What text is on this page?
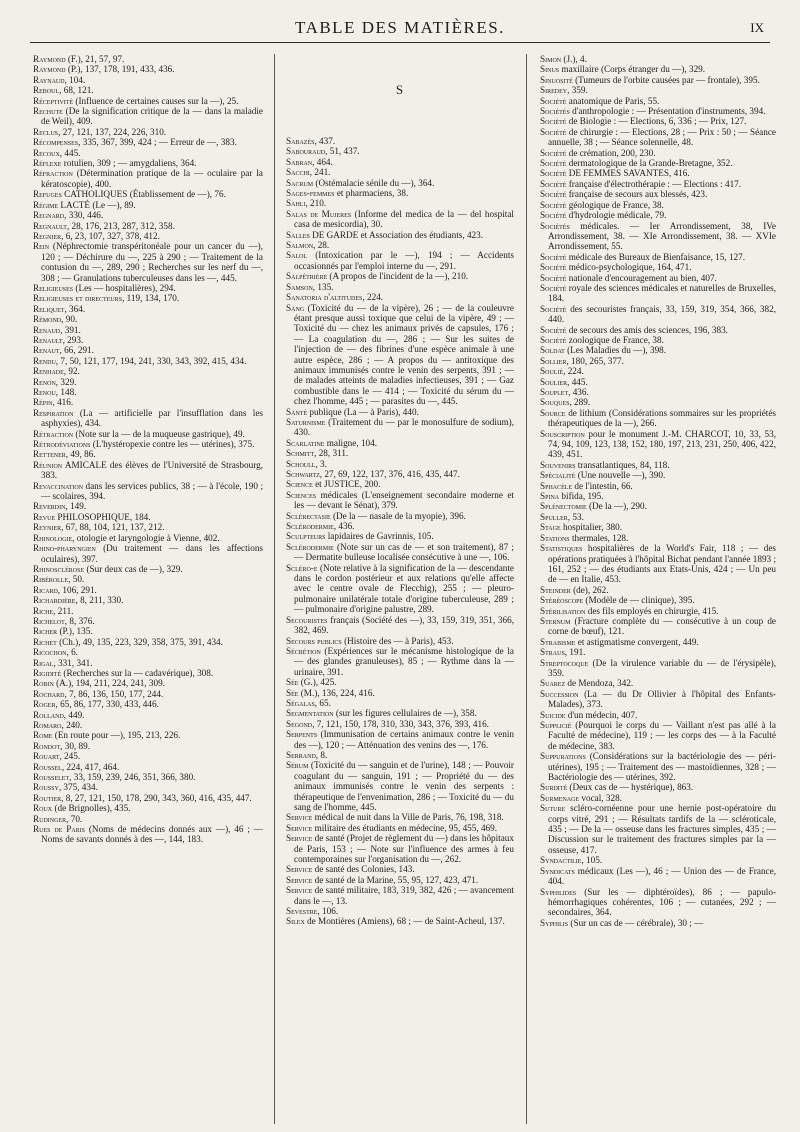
TABLE DES MATIÈRES.	IX

Raymond (F.), 21, 57, 97.

Raymond (P.), 137, 178, 191, 433, 436.

Raynaud, 104.

Reboul, 68, 121.

Réceptivité (Influence de certaines causes sur la —), 25.

Rechute (De la signification critique de la — dans la maladie de Weil), 409.

Reclus, 27, 121, 137, 224, 226, 310.

Récompenses, 335, 367, 399, 424 ; — Erreur de —, 383.

Recoux, 445.

Réflexe rotulien, 309 ; — amygdaliens, 364.

Réfraction (Détermination pratique de la — oculaire par la kératoscopie), 400.

Refuges CATHOLIQUES (Établissement de —), 76.

Régime LACTÉ (Le —), 89.

Regnard, 330, 446.

Regnault, 28, 176, 213, 287, 312, 358.

Regnier, 6, 23, 107, 327, 378, 412.

Rein (Néphrectomie transpéritonéale pour un cancer du —), 120 ; — Déchirure du —, 225 à 290 ; — Traitement de la contusion du —, 289, 290 ; Recherches sur les nerf du —, 308 ; — Granulations tuberculeuses dans les —, 445.

Religieuses (Les — hospitalières), 294.

Religieuses et directeurs, 119, 134, 170.

Reliquet, 364.

Rémond, 90.

Renaud, 391.

Renault, 293.

Renaut, 66, 291.

Rendu, 7, 50, 121, 177, 194, 241, 330, 343, 392, 415, 434.

Renhade, 92.

Renon, 329.

Renou, 148.

Répin, 416.

Respiration (La — artificielle par l'insufflation dans les asphyxies), 434.

Rétraction (Note sur la — de la muqueuse gastrique), 49.

Rétrodéviations (L'hystéropexie contre les — utérines), 375.

Rettener, 49, 86.

Réunion AMICALE des élèves de l'Université de Strasbourg, 383.

Revaccination dans les services publics, 38 ; — à l'école, 190 ; — scolaires, 394.

Reverdin, 149.

Revue PHILOSOPHIQUE, 184.

Reynier, 67, 88, 104, 121, 137, 212.

Rhinologie, otologie et laryngologie à Vienne, 402.

Rhino-pharyngien (Du traitement — dans les affections oculaires), 397.

Rhinosclérose (Sur deux cas de —), 329.

Ribérolle, 50.

Ricard, 106, 291.

Richardière, 8, 211, 330.

Riche, 211.

Richelot, 8, 376.

Richer (P.), 135.

Richet (Ch.), 49, 135, 223, 329, 358, 375, 391, 434.

Ricochon, 6.

Rigal, 331, 341.

Rigidité (Recherches sur la — cadavérique), 308.

Robin (A.), 194, 211, 224, 241, 309.

Rochard, 7, 86, 136, 150, 177, 244.

Roger, 65, 86, 177, 330, 433, 446.

Rolland, 449.

Romaro, 240.

Rome (En route pour —), 195, 213, 226.

Rondot, 30, 89.

Rouart, 245.

Roussel, 224, 417, 464.

Rousselet, 33, 159, 239, 246, 351, 366, 380.

Roussy, 375, 434.

Routier, 8, 27, 121, 150, 178, 290, 343, 360, 416, 435, 447.

Roux (de Brignolles), 435.

Rudinger, 70.

Rues de Paris (Noms de médecins donnés aux —), 46 ; — Noms de savants donnés à des —, 144, 183.

S

Sabazès, 437.

Sabouraud, 51, 437.

Sabran, 464.

Sacchi, 241.

Sacrum (Ostémalacie sénile du —), 364.

Sages-femmes et pharmaciens, 38.

Sahli, 210.

Salas de Mujeres (Informe del medica de la — del hospital casa de mesicordia), 30.

Salles DE GARDE et Association des étudiants, 423.

Salmon, 28.

Salol (Intoxication par le —), 194 ; — Accidents occasionnés par l'emploi interne du —, 291.

Salpêtrière (A propos de l'incident de la —), 210.

Samson, 135.

Sanatoria d'altitudes, 224.

Sang (Toxicité du — de la vipère), 26 ; — de la couleuvre étant presque aussi toxique que celui de la vipère, 49 ; — Toxicité du — chez les animaux privés de capsules, 176 ; — La coagulation du —, 286 ; — Sur les suites de l'injection de — des fibrines d'une espèce animale à une autre espèce, 286 ; — A propos du — antitoxique des animaux immunisés contre le venin des serpents, 391 ; — de malades atteints de maladies infectieuses, 391 ; — Gaz combustible dans le — 414 ; — Toxicité du sérum du — chez l'homme, 445 ; — parasites du —, 445.

Santé publique (La — à Paris), 440.

Saturnisme (Traitement du — par le monosulfure de sodium), 430.

Scarlatine maligne, 104.

Schmitt, 28, 311.

Schoull, 3.

Schwartz, 27, 69, 122, 137, 376, 416, 435, 447.

Science et JUSTICE, 200.

Sciences médicales (L'enseignement secondaire moderne et les — devant le Sénat), 379.

Sclérectasie (De la — nasale de la myopie), 396.

Sclérodermie, 436.

Sculpteurs lapidaires de Gavrinnis, 105.

Sclérodermie (Note sur un cas de — et son traitement), 87 ; — Dermatite bulleuse localisée consécutive à une —, 106.

Scléro-e (Note relative à la signification de la — descendante dans le cordon postérieur et aux relations qu'elle affecte avec le centre ovale de Flecchig), 255 ; — pleuro-pulmonaire unilatérale totale d'origine tuberculeuse, 289 ; — pulmonaire d'origine palustre, 289.

Secouristes français (Société des —), 33, 159, 319, 351, 366, 382, 469.

Secours publics (Histoire des — à Paris), 453.

Sécrétion (Expériences sur le mécanisme histologique de la — des glandes granuleuses), 85 ; — Rythme dans la — urinaire, 391.

Sée (G.), 425.

Sée (M.), 136, 224, 416.

Ségalas, 65.

Segmentation (sur les figures cellulaires de —), 358.

Segond, 7, 121, 150, 178, 310, 330, 343, 376, 393, 416.

Serpents (Immunisation de certains animaux contre le venin des —), 120 ; — Atténuation des venins des —, 176.

Serrand, 8.

Sérum (Toxicité du — sanguin et de l'urine), 148 ; — Pouvoir coagulant du — sanguin, 191 ; — Propriété du — des animaux immunisés contre le venin des serpents : thérapeutique de l'envenimation, 286 ; — Toxicité du — du sang de l'homme, 445.

Service médical de nuit dans la Ville de Paris, 76, 198, 318.

Service militaire des étudiants en médecine, 95, 455, 469.

Service de santé (Projet de règlement du —) dans les hôpitaux de Paris, 153 ; — Note sur l'influence des armes à feu contemporaines sur l'organisation du —, 262.

Service de santé des Colonies, 143.

Service de santé de la Marine, 55, 95, 127, 423, 471.

Service de santé militaire, 183, 319, 382, 426 ; — avancement dans le —, 13.

Sevestre, 106.

Silex de Montières (Amiens), 68 ; — de Saint-Acheul, 137.

Simon (J.), 4.

Sinus maxillaire (Corps étranger du —), 329.

Sinuosité (Tumeurs de l'orbite causées par — frontale), 395.

Siredey, 359.

Société anatomique de Paris, 55.

Sociétés d'anthropologie : — Présentation d'instruments, 394.

Société de Biologie : — Elections, 6, 336 ; — Prix, 127.

Société de chirurgie : — Elections, 28 ; — Prix : 50 ; — Séance annuelle, 38 ; — Séance solennelle, 48.

Société de crémation, 200, 230.

Société dermatologique de la Grande-Bretagne, 352.

Société DE FEMMES SAVANTES, 416.

Société française d'électrothérapie : — Elections : 417.

Société française de secours aux blessés, 423.

Société géologique de France, 38.

Société d'hydrologie médicale, 79.

Sociétés médicales. — Ier Arrondissement, 38, IVe Arrondissement, 38. — XIe Arrondissement, 38. — XVIe Arrondissement, 55.

Société médicale des Bureaux de Bienfaisance, 15, 127.

Société médico-psychologique, 164, 471.

Société nationale d'encouragement au bien, 407.

Société royale des sciences médicales et naturelles de Bruxelles, 184.

Société des secouristes français, 33, 159, 319, 354, 366, 382, 440.

Société de secours des amis des sciences, 196, 383.

Société zoologique de France, 38.

Soldat (Les Maladies du —), 398.

Sollier, 180, 265, 377.

Soulié, 224.

Soulier, 445.

Souplet, 436.

Souques, 289.

Source de lithium (Considérations sommaires sur les propriétés thérapeutiques de la —), 266.

Souscription pour le monument J.-M. CHARCOT, 10, 33, 53, 74, 94, 109, 123, 138, 152, 180, 197, 213, 231, 250, 406, 422, 439, 451.

Souvenirs transatlantiques, 84, 118.

Spécialité (Une nouvelle —), 390.

Sphacèle de l'intestin, 66.

Spina bifida, 195.

Splénectomie (De la —), 290.

Spuller, 53.

Stage hospitalier, 380.

Stations thermales, 128.

Statistiques hospitalières de la World's Fair, 118 ; — des opérations pratiquées à l'hôpital Bichat pendant l'année 1893 ; 161, 252 ; — des étudiants aux Etats-Unis, 424 ; — Un peu de — en Italie, 453.

Steinder (de), 262.

Stéréoscope (Modèle de — clinique), 395.

Stérilisation des fils employés en chirurgie, 415.

Sternum (Fracture complète du — consécutive à un coup de corne de bœuf), 121.

Strabisme et astigmatisme convergent, 449.

Straus, 191.

Streptocoque (De la virulence variable du — de l'érysipèle), 359.

Suarez de Mendoza, 342.

Succession (La — du Dr Ollivier à l'hôpital des Enfants-Malades), 373.

Suicide d'un médecin, 407.

Supplicié (Pourquoi le corps du — Vaillant n'est pas allé à la Faculté de médecine), 119 ; — les corps des — à la Faculté de médecine, 383.

Suppurations (Considérations sur la bactériologie des — péri-utérines), 195 ; — Traitement des — mastoïdiennes, 328 ; — Bactériologie des — utérines, 392.

Surdité (Deux cas de — hystérique), 863.

Surmenage vocal, 328.

Suture scléro-cornéenne pour une hernie post-opératoire du corps vitré, 291 ; — Résultats tardifs de la — scléroticale, 435 ; — De la — osseuse dans les fractures simples, 435 ; — Discussion sur le traitement des fractures simples par la — osseuse, 417.

Syndactilie, 105.

Syndicats médicaux (Les —), 46 ; — Union des — de France, 404.

Syphilides (Sur les — diphtéroïdes), 86 ; — papulo-hémorrhagiques cohérentes, 106 ; — cutanées, 292 ; — secondaires, 364.

Syphilis (Sur un cas de — cérébrale), 30 ; —
